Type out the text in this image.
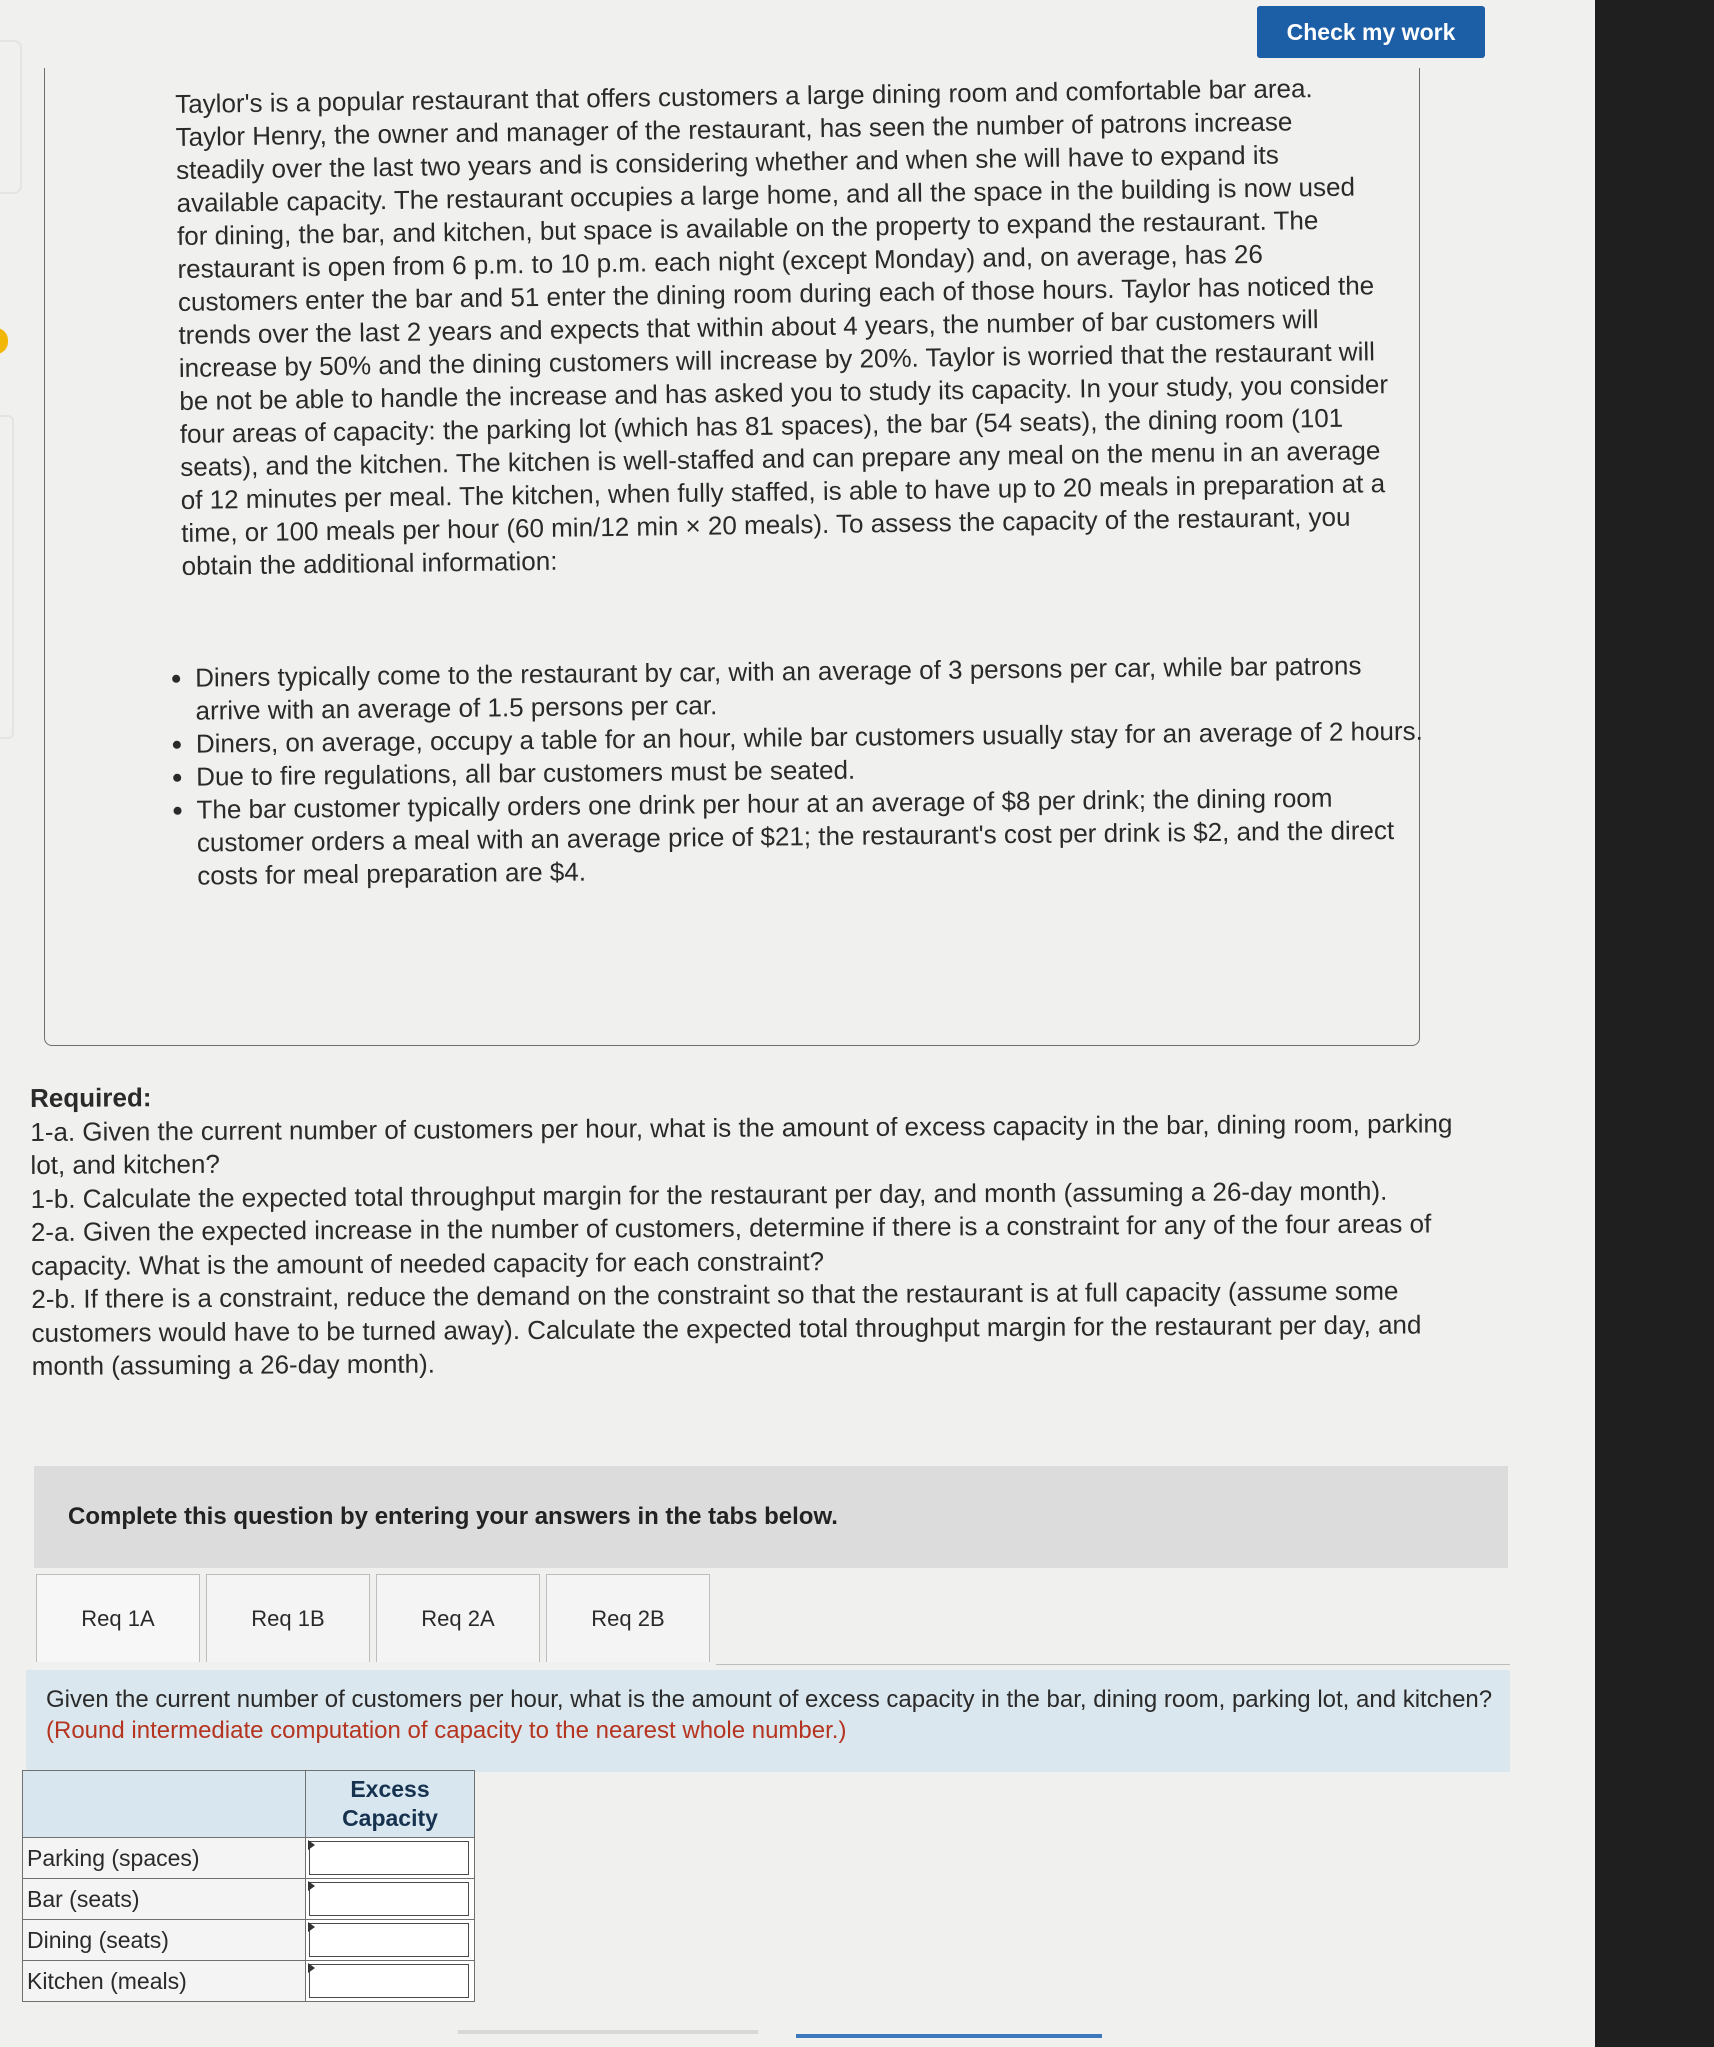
Check my work

Taylor's is a popular restaurant that offers customers a large dining room and comfortable bar area. Taylor Henry, the owner and manager of the restaurant, has seen the number of patrons increase steadily over the last two years and is considering whether and when she will have to expand its available capacity. The restaurant occupies a large home, and all the space in the building is now used for dining, the bar, and kitchen, but space is available on the property to expand the restaurant. The restaurant is open from 6 p.m. to 10 p.m. each night (except Monday) and, on average, has 26 customers enter the bar and 51 enter the dining room during each of those hours. Taylor has noticed the trends over the last 2 years and expects that within about 4 years, the number of bar customers will increase by 50% and the dining customers will increase by 20%. Taylor is worried that the restaurant will be not be able to handle the increase and has asked you to study its capacity. In your study, you consider four areas of capacity: the parking lot (which has 81 spaces), the bar (54 seats), the dining room (101 seats), and the kitchen. The kitchen is well-staffed and can prepare any meal on the menu in an average of 12 minutes per meal. The kitchen, when fully staffed, is able to have up to 20 meals in preparation at a time, or 100 meals per hour (60 min/12 min × 20 meals). To assess the capacity of the restaurant, you obtain the additional information:

• Diners typically come to the restaurant by car, with an average of 3 persons per car, while bar patrons arrive with an average of 1.5 persons per car.
• Diners, on average, occupy a table for an hour, while bar customers usually stay for an average of 2 hours.
• Due to fire regulations, all bar customers must be seated.
• The bar customer typically orders one drink per hour at an average of $8 per drink; the dining room customer orders a meal with an average price of $21; the restaurant's cost per drink is $2, and the direct costs for meal preparation are $4.

Required:

1-a. Given the current number of customers per hour, what is the amount of excess capacity in the bar, dining room, parking lot, and kitchen?

1-b. Calculate the expected total throughput margin for the restaurant per day, and month (assuming a 26-day month).

2-a. Given the expected increase in the number of customers, determine if there is a constraint for any of the four areas of capacity. What is the amount of needed capacity for each constraint?

2-b. If there is a constraint, reduce the demand on the constraint so that the restaurant is at full capacity (assume some customers would have to be turned away). Calculate the expected total throughput margin for the restaurant per day, and month (assuming a 26-day month).

Complete this question by entering your answers in the tabs below.
Req 1A	Req 1B	Req 2A	Req 2B
Given the current number of customers per hour, what is the amount of excess capacity in the bar, dining room, parking lot, and kitchen? (Round intermediate computation of capacity to the nearest whole number.)
	Excess Capacity
Parking (spaces)	

Bar (seats)	

Dining (seats)	

Kitchen (meals)	
